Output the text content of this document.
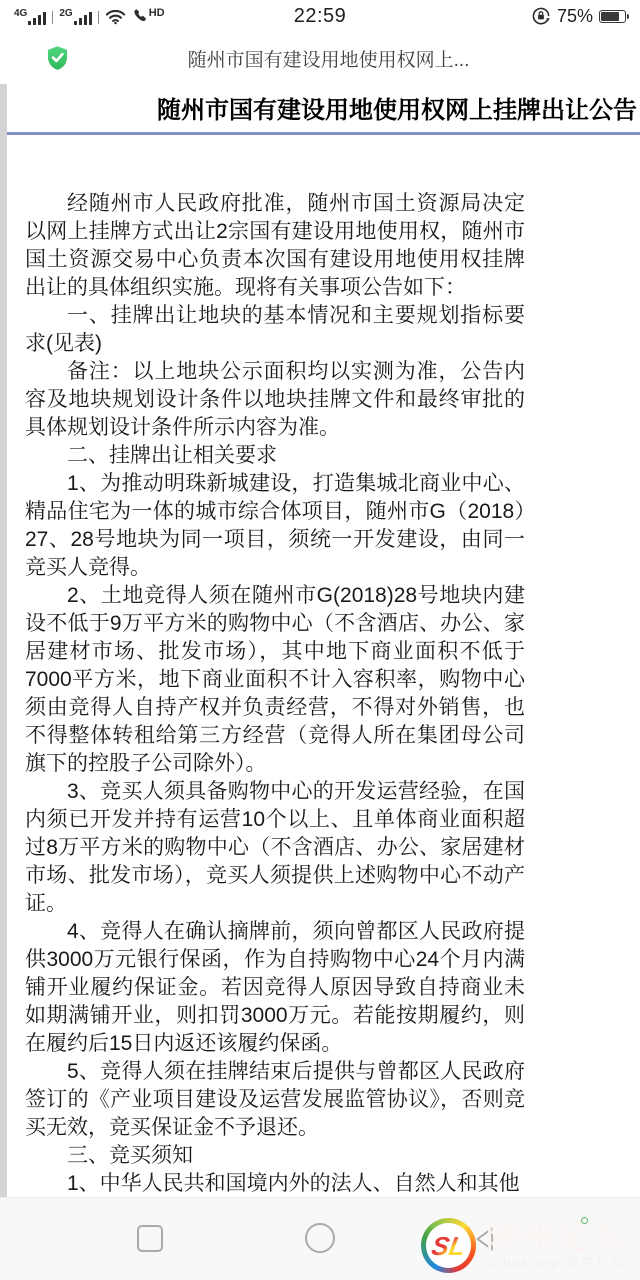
4G	2G	HD	22:59	75%
随州市国有建设用地使用权网上...
随州市国有建设用地使用权网上挂牌出让公告

经随州市人民政府批准，随州市国土资源局决定以网上挂牌方式出让2宗国有建设用地使用权，随州市国土资源交易中心负责本次国有建设用地使用权挂牌出让的具体组织实施。现将有关事项公告如下：

一、挂牌出让地块的基本情况和主要规划指标要求(见表)

备注：以上地块公示面积均以实测为准，公告内容及地块规划设计条件以地块挂牌文件和最终审批的具体规划设计条件所示内容为准。

二、挂牌出让相关要求

1、为推动明珠新城建设，打造集城北商业中心、精品住宅为一体的城市综合体项目，随州市G（2018）27、28号地块为同一项目，须统一开发建设，由同一竞买人竞得。

2、土地竞得人须在随州市G(2018)28号地块内建设不低于9万平方米的购物中心（不含酒店、办公、家居建材市场、批发市场），其中地下商业面积不低于7000平方米，地下商业面积不计入容积率，购物中心须由竞得人自持产权并负责经营，不得对外销售，也不得整体转租给第三方经营（竞得人所在集团母公司旗下的控股子公司除外）。

3、竞买人须具备购物中心的开发运营经验，在国内须已开发并持有运营10个以上、且单体商业面积超过8万平方米的购物中心（不含酒店、办公、家居建材市场、批发市场），竞买人须提供上述购物中心不动产证。

4、竞得人在确认摘牌前，须向曾都区人民政府提供3000万元银行保函，作为自持购物中心24个月内满铺开业履约保证金。若因竞得人原因导致自持商业未如期满铺开业，则扣罚3000万元。若能按期履约，则在履约后15日内返还该履约保函。

5、竞得人须在挂牌结束后提供与曾都区人民政府签订的《产业项目建设及运营发展监管协议》，否则竞买无效，竞买保证金不予退还。

三、竞买须知

1、中华人民共和国境内外的法人、自然人和其他

SL 随州论坛
szbbs.org 民生论坛
